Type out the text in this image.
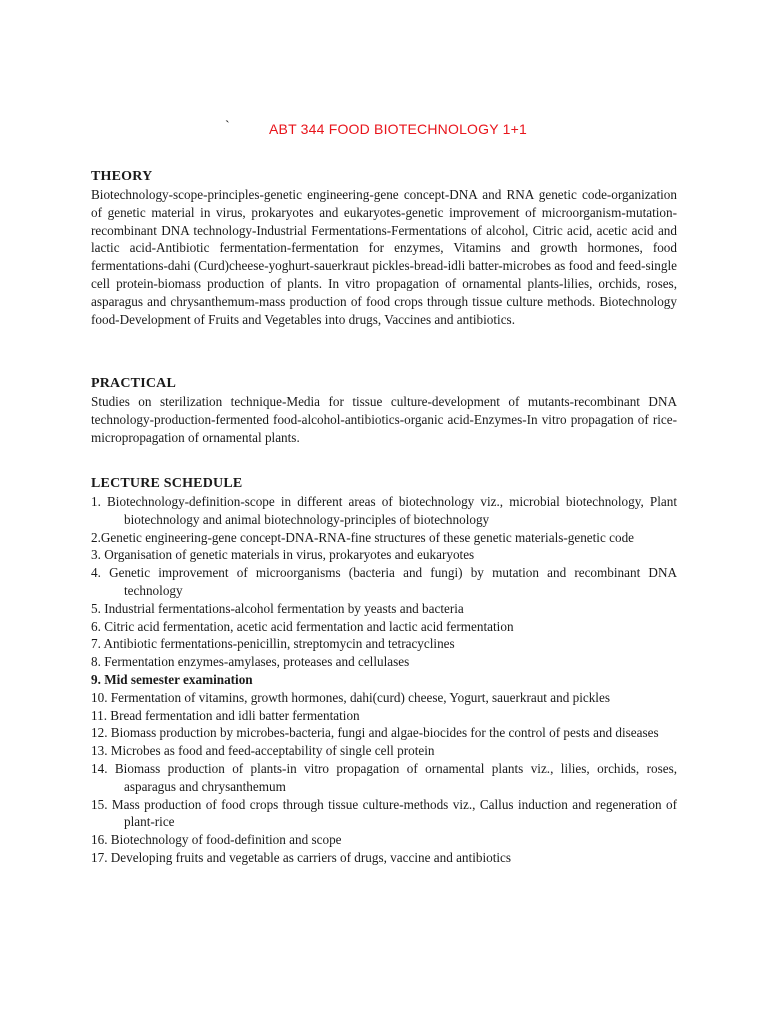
`	ABT 344 FOOD BIOTECHNOLOGY 1+1
THEORY

Biotechnology-scope-principles-genetic engineering-gene concept-DNA and RNA genetic code-organization of genetic material in virus, prokaryotes and eukaryotes-genetic improvement of microorganism-mutation-recombinant DNA technology-Industrial Fermentations-Fermentations of alcohol, Citric acid, acetic acid and lactic acid-Antibiotic fermentation-fermentation for enzymes, Vitamins and growth hormones, food fermentations-dahi (Curd)cheese-yoghurt-sauerkraut pickles-bread-idli batter-microbes as food and feed-single cell protein-biomass production of plants. In vitro propagation of ornamental plants-lilies, orchids, roses, asparagus and chrysanthemum-mass production of food crops through tissue culture methods. Biotechnology food-Development of Fruits and Vegetables into drugs, Vaccines and antibiotics.

PRACTICAL

Studies on sterilization technique-Media for tissue culture-development of mutants-recombinant DNA technology-production-fermented food-alcohol-antibiotics-organic acid-Enzymes-In vitro propagation of rice-micropropagation of ornamental plants.

LECTURE SCHEDULE
1. Biotechnology-definition-scope in different areas of biotechnology viz., microbial biotechnology, Plant biotechnology and animal biotechnology-principles of biotechnology
2.Genetic engineering-gene concept-DNA-RNA-fine structures of these genetic materials-genetic code
3. Organisation of genetic materials in virus, prokaryotes and eukaryotes
4. Genetic improvement of microorganisms (bacteria and fungi) by mutation and recombinant DNA technology
5. Industrial fermentations-alcohol fermentation by yeasts and bacteria
6. Citric acid fermentation, acetic acid fermentation and lactic acid fermentation
7. Antibiotic fermentations-penicillin, streptomycin and tetracyclines
8. Fermentation enzymes-amylases, proteases and cellulases
9. Mid semester examination
10. Fermentation of vitamins, growth hormones, dahi(curd) cheese, Yogurt, sauerkraut and pickles
11. Bread fermentation and idli batter fermentation
12. Biomass production by microbes-bacteria, fungi and algae-biocides for the control of pests and diseases
13. Microbes as food and feed-acceptability of single cell protein
14. Biomass production of plants-in vitro propagation of ornamental plants viz., lilies, orchids, roses, asparagus and chrysanthemum
15. Mass production of food crops through tissue culture-methods viz., Callus induction and regeneration of plant-rice
16. Biotechnology of food-definition and scope
17. Developing fruits and vegetable as carriers of drugs, vaccine and antibiotics
